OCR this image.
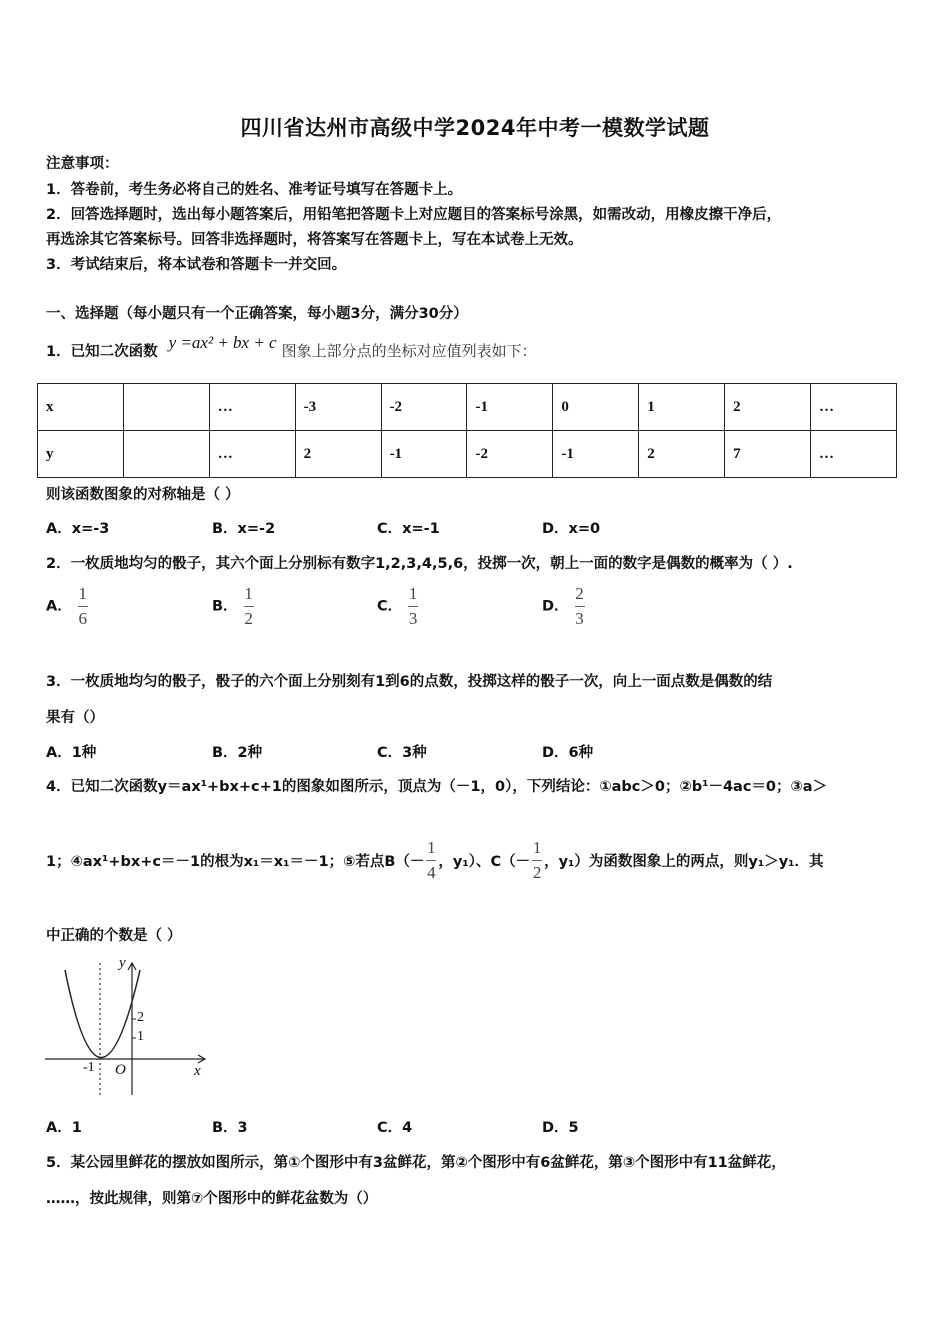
四川省达州市高级中学2024年中考一模数学试题
注意事项：
1．答卷前，考生务必将自己的姓名、准考证号填写在答题卡上。
2．回答选择题时，选出每小题答案后，用铅笔把答题卡上对应题目的答案标号涂黑，如需改动，用橡皮擦干净后，
再选涂其它答案标号。回答非选择题时，将答案写在答题卡上，写在本试卷上无效。
3．考试结束后，将本试卷和答题卡一并交回。
一、选择题（每小题只有一个正确答案，每小题3分，满分30分）
1．已知二次函数 y =ax² + bx + c 图象上部分点的坐标对应值列表如下：
x		…	-3	-2	-1	0	1	2	…
y		…	2	-1	-2	-1	2	7	…
则该函数图象的对称轴是（ ）
A．x=-3	B．x=-2	C．x=-1	D．x=0
2．一枚质地均匀的骰子，其六个面上分别标有数字1,2,3,4,5,6，投掷一次，朝上一面的数字是偶数的概率为（ ）.
A． $\frac{1}{6}$	B． $\frac{1}{2}$	C． $\frac{1}{3}$	D． $\frac{2}{3}$
3．一枚质地均匀的骰子，骰子的六个面上分别刻有1到6的点数，投掷这样的骰子一次，向上一面点数是偶数的结
果有（）
A．1种	B．2种	C．3种	D．6种
4．已知二次函数y＝ax¹+bx+c+1的图象如图所示，顶点为（－1，0），下列结论：①abc＞0；②b¹－4ac＝0；③a＞
1；④ax¹+bx+c＝－1的根为x₁＝x₁＝－1；⑤若点$B(- \frac{1}{4}$ ，y₁）、$C(- \frac{1}{2}$ ，y₁）为函数图象上的两点，则y₁＞y₁．其
中正确的个数是（ ）
y
x
O
-1
1
2
A．1	B．3	C．4	D．5
5．某公园里鲜花的摆放如图所示，第①个图形中有3盆鲜花，第②个图形中有6盆鲜花，第③个图形中有11盆鲜花，
……，按此规律，则第⑦个图形中的鲜花盆数为（）
